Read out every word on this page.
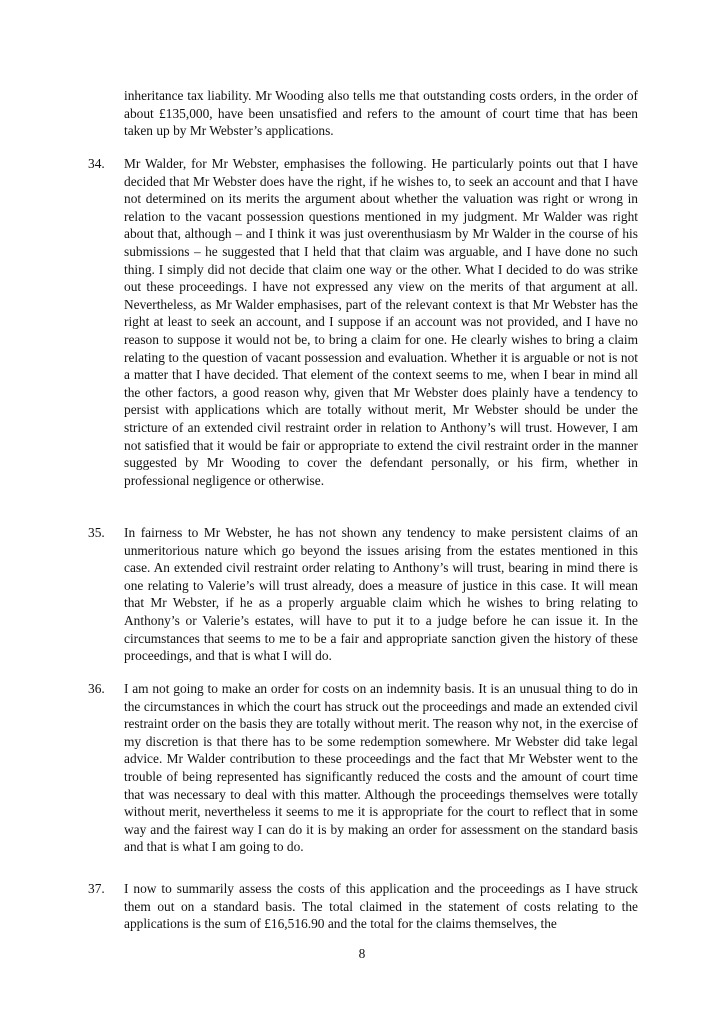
inheritance tax liability. Mr Wooding also tells me that outstanding costs orders, in the order of about £135,000, have been unsatisfied and refers to the amount of court time that has been taken up by Mr Webster’s applications.
34.	Mr Walder, for Mr Webster, emphasises the following. He particularly points out that I have decided that Mr Webster does have the right, if he wishes to, to seek an account and that I have not determined on its merits the argument about whether the valuation was right or wrong in relation to the vacant possession questions mentioned in my judgment. Mr Walder was right about that, although – and I think it was just overenthusiasm by Mr Walder in the course of his submissions – he suggested that I held that that claim was arguable, and I have done no such thing. I simply did not decide that claim one way or the other. What I decided to do was strike out these proceedings. I have not expressed any view on the merits of that argument at all. Nevertheless, as Mr Walder emphasises, part of the relevant context is that Mr Webster has the right at least to seek an account, and I suppose if an account was not provided, and I have no reason to suppose it would not be, to bring a claim for one. He clearly wishes to bring a claim relating to the question of vacant possession and evaluation. Whether it is arguable or not is not a matter that I have decided. That element of the context seems to me, when I bear in mind all the other factors, a good reason why, given that Mr Webster does plainly have a tendency to persist with applications which are totally without merit, Mr Webster should be under the stricture of an extended civil restraint order in relation to Anthony’s will trust. However, I am not satisfied that it would be fair or appropriate to extend the civil restraint order in the manner suggested by Mr Wooding to cover the defendant personally, or his firm, whether in professional negligence or otherwise.
35.	In fairness to Mr Webster, he has not shown any tendency to make persistent claims of an unmeritorious nature which go beyond the issues arising from the estates mentioned in this case. An extended civil restraint order relating to Anthony’s will trust, bearing in mind there is one relating to Valerie’s will trust already, does a measure of justice in this case. It will mean that Mr Webster, if he as a properly arguable claim which he wishes to bring relating to Anthony’s or Valerie’s estates, will have to put it to a judge before he can issue it. In the circumstances that seems to me to be a fair and appropriate sanction given the history of these proceedings, and that is what I will do.
36.	I am not going to make an order for costs on an indemnity basis. It is an unusual thing to do in the circumstances in which the court has struck out the proceedings and made an extended civil restraint order on the basis they are totally without merit. The reason why not, in the exercise of my discretion is that there has to be some redemption somewhere. Mr Webster did take legal advice. Mr Walder contribution to these proceedings and the fact that Mr Webster went to the trouble of being represented has significantly reduced the costs and the amount of court time that was necessary to deal with this matter. Although the proceedings themselves were totally without merit, nevertheless it seems to me it is appropriate for the court to reflect that in some way and the fairest way I can do it is by making an order for assessment on the standard basis and that is what I am going to do.
37.	I now to summarily assess the costs of this application and the proceedings as I have struck them out on a standard basis. The total claimed in the statement of costs relating to the applications is the sum of £16,516.90 and the total for the claims themselves, the
8
